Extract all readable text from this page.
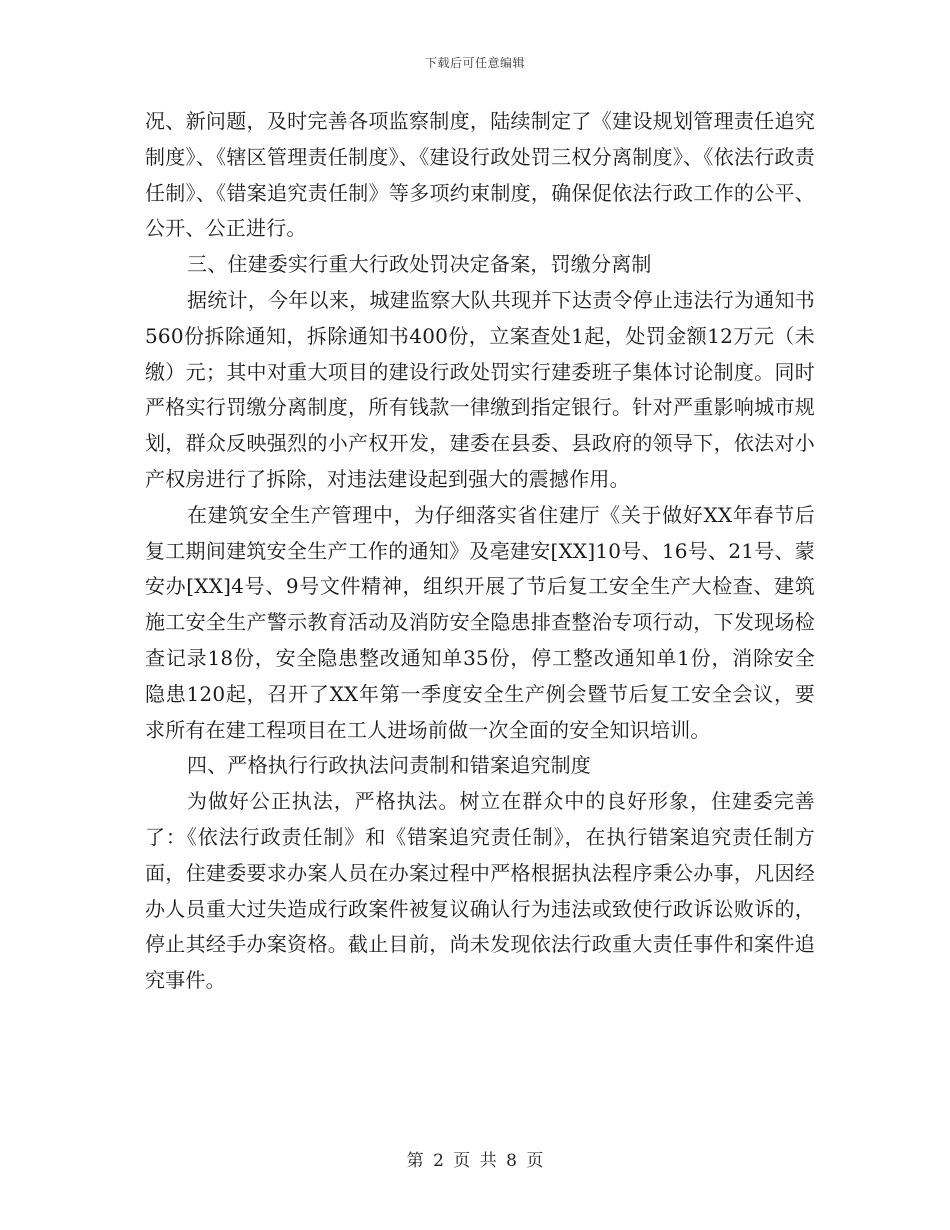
下载后可任意编辑

况、新问题，及时完善各项监察制度，陆续制定了《建设规划管理责任追究制度》、《辖区管理责任制度》、《建设行政处罚三权分离制度》、《依法行政责任制》、《错案追究责任制》等多项约束制度，确保促依法行政工作的公平、公开、公正进行。

三、住建委实行重大行政处罚决定备案，罚缴分离制

据统计，今年以来，城建监察大队共现并下达责令停止违法行为通知书560份拆除通知，拆除通知书400份，立案查处1起，处罚金额12万元（未缴）元；其中对重大项目的建设行政处罚实行建委班子集体讨论制度。同时严格实行罚缴分离制度，所有钱款一律缴到指定银行。针对严重影响城市规划，群众反映强烈的小产权开发，建委在县委、县政府的领导下，依法对小产权房进行了拆除，对违法建设起到强大的震撼作用。

在建筑安全生产管理中，为仔细落实省住建厅《关于做好XX年春节后复工期间建筑安全生产工作的通知》及亳建安[XX]10号、16号、21号、蒙安办[XX]4号、9号文件精神，组织开展了节后复工安全生产大检查、建筑施工安全生产警示教育活动及消防安全隐患排查整治专项行动，下发现场检查记录18份，安全隐患整改通知单35份，停工整改通知单1份，消除安全隐患120起，召开了XX年第一季度安全生产例会暨节后复工安全会议，要求所有在建工程项目在工人进场前做一次全面的安全知识培训。

四、严格执行行政执法问责制和错案追究制度

为做好公正执法，严格执法。树立在群众中的良好形象，住建委完善了：《依法行政责任制》和《错案追究责任制》，在执行错案追究责任制方面，住建委要求办案人员在办案过程中严格根据执法程序秉公办事，凡因经办人员重大过失造成行政案件被复议确认行为违法或致使行政诉讼败诉的，停止其经手办案资格。截止目前，尚未发现依法行政重大责任事件和案件追究事件。

第 2 页 共 8 页
